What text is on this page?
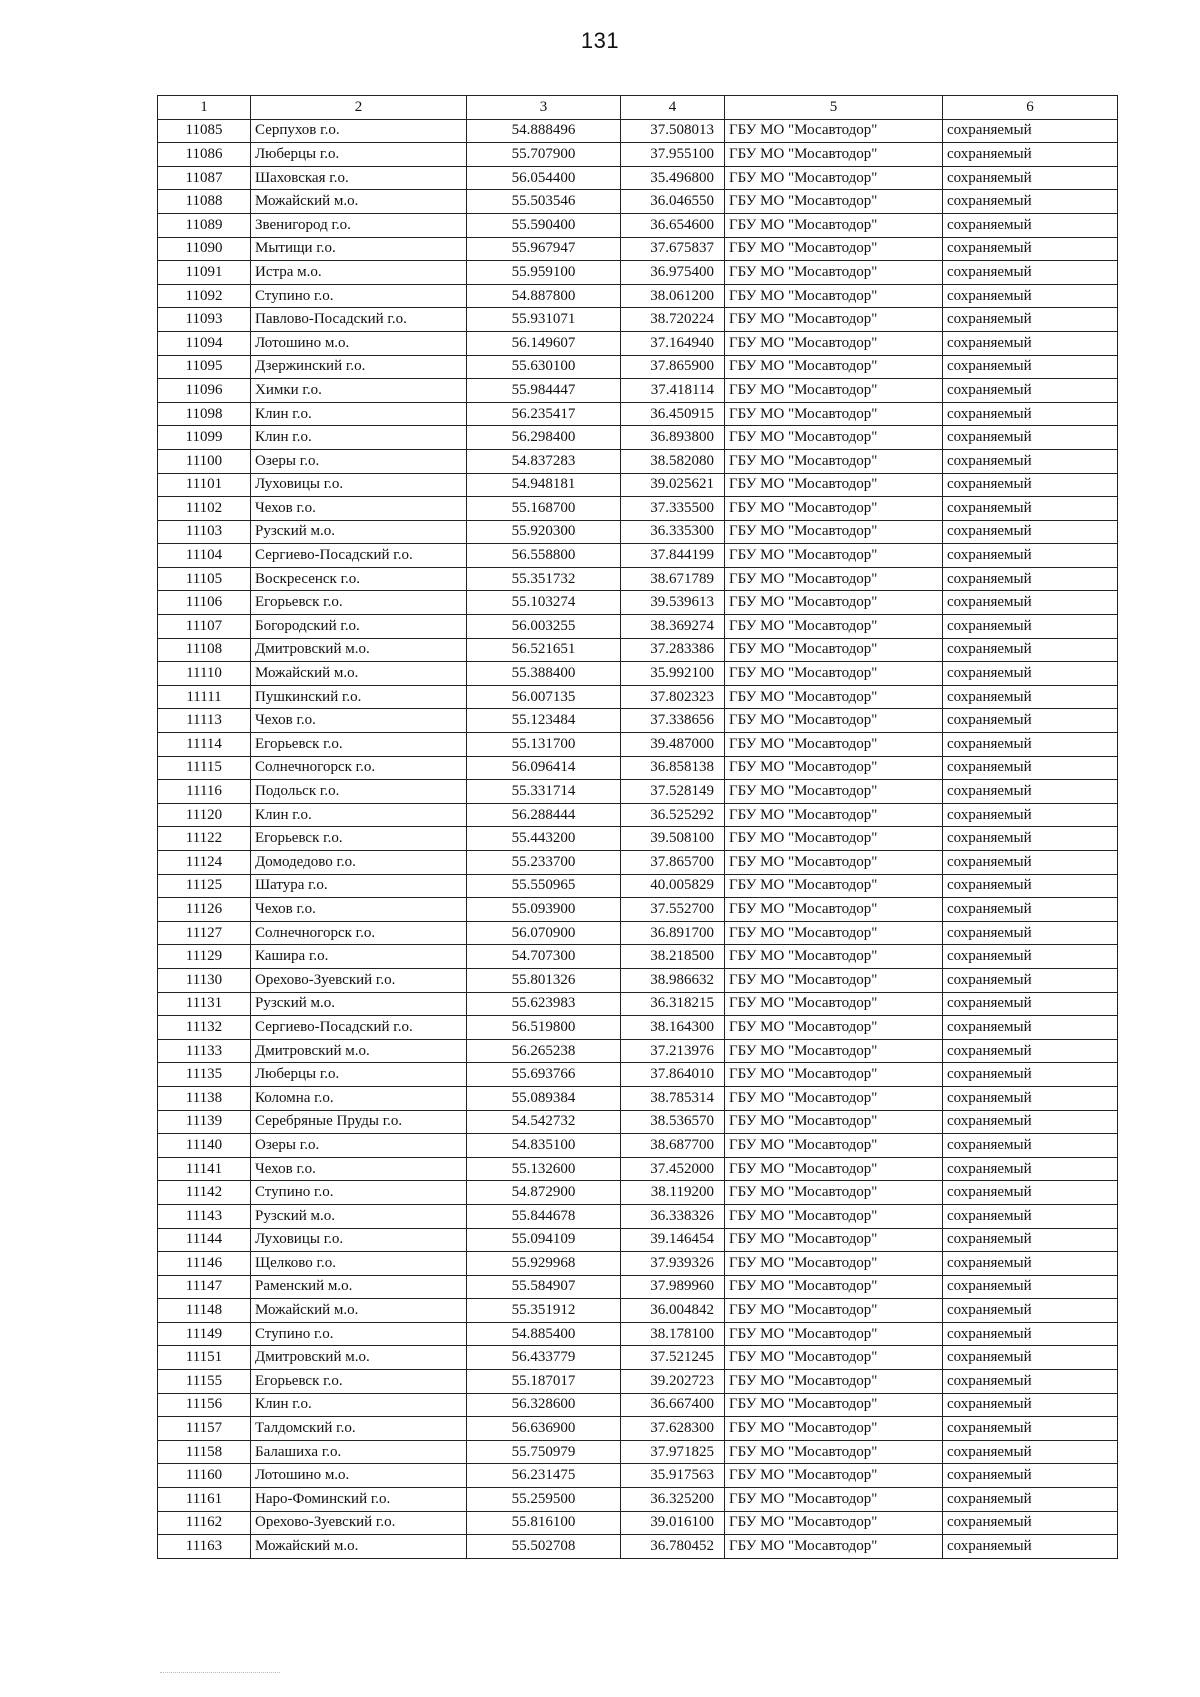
131
1	2	3	4	5	6
11085	Серпухов г.о.	54.888496	37.508013	ГБУ МО "Мосавтодор"	сохраняемый
11086	Люберцы г.о.	55.707900	37.955100	ГБУ МО "Мосавтодор"	сохраняемый
11087	Шаховская г.о.	56.054400	35.496800	ГБУ МО "Мосавтодор"	сохраняемый
11088	Можайский м.о.	55.503546	36.046550	ГБУ МО "Мосавтодор"	сохраняемый
11089	Звенигород г.о.	55.590400	36.654600	ГБУ МО "Мосавтодор"	сохраняемый
11090	Мытищи г.о.	55.967947	37.675837	ГБУ МО "Мосавтодор"	сохраняемый
11091	Истра м.о.	55.959100	36.975400	ГБУ МО "Мосавтодор"	сохраняемый
11092	Ступино г.о.	54.887800	38.061200	ГБУ МО "Мосавтодор"	сохраняемый
11093	Павлово-Посадский г.о.	55.931071	38.720224	ГБУ МО "Мосавтодор"	сохраняемый
11094	Лотошино м.о.	56.149607	37.164940	ГБУ МО "Мосавтодор"	сохраняемый
11095	Дзержинский г.о.	55.630100	37.865900	ГБУ МО "Мосавтодор"	сохраняемый
11096	Химки г.о.	55.984447	37.418114	ГБУ МО "Мосавтодор"	сохраняемый
11098	Клин г.о.	56.235417	36.450915	ГБУ МО "Мосавтодор"	сохраняемый
11099	Клин г.о.	56.298400	36.893800	ГБУ МО "Мосавтодор"	сохраняемый
11100	Озеры г.о.	54.837283	38.582080	ГБУ МО "Мосавтодор"	сохраняемый
11101	Луховицы г.о.	54.948181	39.025621	ГБУ МО "Мосавтодор"	сохраняемый
11102	Чехов г.о.	55.168700	37.335500	ГБУ МО "Мосавтодор"	сохраняемый
11103	Рузский м.о.	55.920300	36.335300	ГБУ МО "Мосавтодор"	сохраняемый
11104	Сергиево-Посадский г.о.	56.558800	37.844199	ГБУ МО "Мосавтодор"	сохраняемый
11105	Воскресенск г.о.	55.351732	38.671789	ГБУ МО "Мосавтодор"	сохраняемый
11106	Егорьевск г.о.	55.103274	39.539613	ГБУ МО "Мосавтодор"	сохраняемый
11107	Богородский г.о.	56.003255	38.369274	ГБУ МО "Мосавтодор"	сохраняемый
11108	Дмитровский м.о.	56.521651	37.283386	ГБУ МО "Мосавтодор"	сохраняемый
11110	Можайский м.о.	55.388400	35.992100	ГБУ МО "Мосавтодор"	сохраняемый
11111	Пушкинский г.о.	56.007135	37.802323	ГБУ МО "Мосавтодор"	сохраняемый
11113	Чехов г.о.	55.123484	37.338656	ГБУ МО "Мосавтодор"	сохраняемый
11114	Егорьевск г.о.	55.131700	39.487000	ГБУ МО "Мосавтодор"	сохраняемый
11115	Солнечногорск г.о.	56.096414	36.858138	ГБУ МО "Мосавтодор"	сохраняемый
11116	Подольск г.о.	55.331714	37.528149	ГБУ МО "Мосавтодор"	сохраняемый
11120	Клин г.о.	56.288444	36.525292	ГБУ МО "Мосавтодор"	сохраняемый
11122	Егорьевск г.о.	55.443200	39.508100	ГБУ МО "Мосавтодор"	сохраняемый
11124	Домодедово г.о.	55.233700	37.865700	ГБУ МО "Мосавтодор"	сохраняемый
11125	Шатура г.о.	55.550965	40.005829	ГБУ МО "Мосавтодор"	сохраняемый
11126	Чехов г.о.	55.093900	37.552700	ГБУ МО "Мосавтодор"	сохраняемый
11127	Солнечногорск г.о.	56.070900	36.891700	ГБУ МО "Мосавтодор"	сохраняемый
11129	Кашира г.о.	54.707300	38.218500	ГБУ МО "Мосавтодор"	сохраняемый
11130	Орехово-Зуевский г.о.	55.801326	38.986632	ГБУ МО "Мосавтодор"	сохраняемый
11131	Рузский м.о.	55.623983	36.318215	ГБУ МО "Мосавтодор"	сохраняемый
11132	Сергиево-Посадский г.о.	56.519800	38.164300	ГБУ МО "Мосавтодор"	сохраняемый
11133	Дмитровский м.о.	56.265238	37.213976	ГБУ МО "Мосавтодор"	сохраняемый
11135	Люберцы г.о.	55.693766	37.864010	ГБУ МО "Мосавтодор"	сохраняемый
11138	Коломна г.о.	55.089384	38.785314	ГБУ МО "Мосавтодор"	сохраняемый
11139	Серебряные Пруды г.о.	54.542732	38.536570	ГБУ МО "Мосавтодор"	сохраняемый
11140	Озеры г.о.	54.835100	38.687700	ГБУ МО "Мосавтодор"	сохраняемый
11141	Чехов г.о.	55.132600	37.452000	ГБУ МО "Мосавтодор"	сохраняемый
11142	Ступино г.о.	54.872900	38.119200	ГБУ МО "Мосавтодор"	сохраняемый
11143	Рузский м.о.	55.844678	36.338326	ГБУ МО "Мосавтодор"	сохраняемый
11144	Луховицы г.о.	55.094109	39.146454	ГБУ МО "Мосавтодор"	сохраняемый
11146	Щелково г.о.	55.929968	37.939326	ГБУ МО "Мосавтодор"	сохраняемый
11147	Раменский м.о.	55.584907	37.989960	ГБУ МО "Мосавтодор"	сохраняемый
11148	Можайский м.о.	55.351912	36.004842	ГБУ МО "Мосавтодор"	сохраняемый
11149	Ступино г.о.	54.885400	38.178100	ГБУ МО "Мосавтодор"	сохраняемый
11151	Дмитровский м.о.	56.433779	37.521245	ГБУ МО "Мосавтодор"	сохраняемый
11155	Егорьевск г.о.	55.187017	39.202723	ГБУ МО "Мосавтодор"	сохраняемый
11156	Клин г.о.	56.328600	36.667400	ГБУ МО "Мосавтодор"	сохраняемый
11157	Талдомский г.о.	56.636900	37.628300	ГБУ МО "Мосавтодор"	сохраняемый
11158	Балашиха г.о.	55.750979	37.971825	ГБУ МО "Мосавтодор"	сохраняемый
11160	Лотошино м.о.	56.231475	35.917563	ГБУ МО "Мосавтодор"	сохраняемый
11161	Наро-Фоминский г.о.	55.259500	36.325200	ГБУ МО "Мосавтодор"	сохраняемый
11162	Орехово-Зуевский г.о.	55.816100	39.016100	ГБУ МО "Мосавтодор"	сохраняемый
11163	Можайский м.о.	55.502708	36.780452	ГБУ МО "Мосавтодор"	сохраняемый
